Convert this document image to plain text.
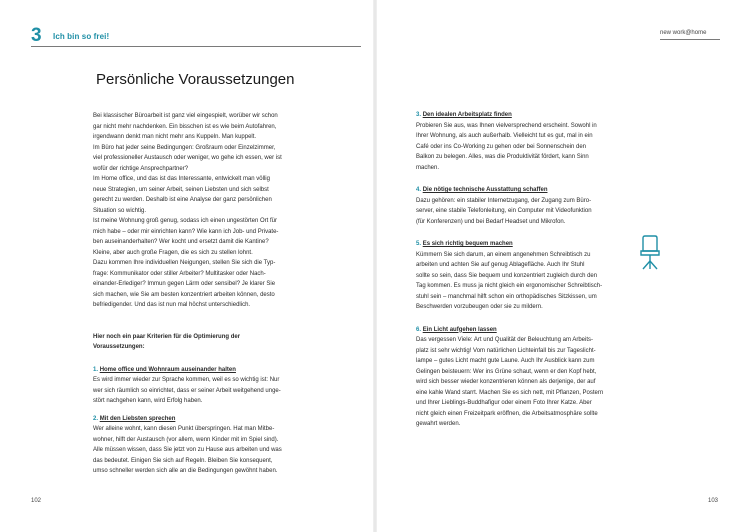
3 Ich bin so frei!	new work@home
Persönliche Voraussetzungen

Bei klassischer Büroarbeit ist ganz viel eingespielt, worüber wir schon
gar nicht mehr nachdenken. Ein bisschen ist es wie beim Autofahren,
irgendwann denkt man nicht mehr ans Kuppeln. Man kuppelt.
Im Büro hat jeder seine Bedingungen: Großraum oder Einzelzimmer,
viel professioneller Austausch oder weniger, wo gehe ich essen, wer ist
wofür der richtige Ansprechpartner?
Im Home office, und das ist das Interessante, entwickelt man völlig
neue Strategien, um seiner Arbeit, seinen Liebsten und sich selbst
gerecht zu werden. Deshalb ist eine Analyse der ganz persönlichen
Situation so wichtig.
Ist meine Wohnung groß genug, sodass ich einen ungestörten Ort für
mich habe – oder mir einrichten kann? Wie kann ich Job- und Private-
ben auseinanderhalten? Wer kocht und ersetzt damit die Kantine?
Kleine, aber auch große Fragen, die es sich zu stellen lohnt.
Dazu kommen Ihre individuellen Neigungen, stellen Sie sich die Typ-
frage: Kommunikator oder stiller Arbeiter? Multitasker oder Nach-
einander-Erlediger? Immun gegen Lärm oder sensibel? Je klarer Sie
sich machen, wie Sie am besten konzentriert arbeiten können, desto
befriedigender. Und das ist nun mal höchst unterschiedlich.

Hier noch ein paar Kriterien für die Optimierung der
Voraussetzungen:

1. Home office und Wohnraum auseinander halten

Es wird immer wieder zur Sprache kommen, weil es so wichtig ist: Nur
wer sich räumlich so einrichtet, dass er seiner Arbeit weitgehend unge-
stört nachgehen kann, wird Erfolg haben.

2. Mit den Liebsten sprechen

Wer alleine wohnt, kann diesen Punkt überspringen. Hat man Mitbe-
wohner, hilft der Austausch (vor allem, wenn Kinder mit im Spiel sind).
Alle müssen wissen, dass Sie jetzt von zu Hause aus arbeiten und was
das bedeutet. Einigen Sie sich auf Regeln. Bleiben Sie konsequent,
umso schneller werden sich alle an die Bedingungen gewöhnt haben.

3. Den idealen Arbeitsplatz finden

Probieren Sie aus, was Ihnen vielversprechend erscheint. Sowohl in
Ihrer Wohnung, als auch außerhalb. Vielleicht tut es gut, mal in ein
Café oder ins Co-Working zu gehen oder bei Sonnenschein den
Balkon zu belegen. Alles, was die Produktivität fördert, kann Sinn
machen.

4. Die nötige technische Ausstattung schaffen

Dazu gehören: ein stabiler Internetzugang, der Zugang zum Büro-
server, eine stabile Telefonleitung, ein Computer mit Videofunktion
(für Konferenzen) und bei Bedarf Headset und Mikrofon.

5. Es sich richtig bequem machen

Kümmern Sie sich darum, an einem angenehmen Schreibtisch zu
arbeiten und achten Sie auf genug Ablagefläche. Auch Ihr Stuhl
sollte so sein, dass Sie bequem und konzentriert zugleich durch den
Tag kommen. Es muss ja nicht gleich ein ergonomischer Schreibtisch-
stuhl sein – manchmal hilft schon ein orthopädisches Sitzkissen, um
Beschwerden vorzubeugen oder sie zu mildern.

6. Ein Licht aufgehen lassen

Das vergessen Viele: Art und Qualität der Beleuchtung am Arbeits-
platz ist sehr wichtig! Vom natürlichen Lichteinfall bis zur Tageslicht-
lampe – gutes Licht macht gute Laune. Auch Ihr Ausblick kann zum
Gelingen beisteuern: Wer ins Grüne schaut, wenn er den Kopf hebt,
wird sich besser wieder konzentrieren können als derjenige, der auf
eine kahle Wand starrt. Machen Sie es sich nett, mit Pflanzen, Postern
und Ihrer Lieblings-Buddhafigur oder einem Foto Ihrer Katze. Aber
nicht gleich einen Freizeitpark eröffnen, die Arbeitsatmosphäre sollte
gewahrt werden.

102	103
